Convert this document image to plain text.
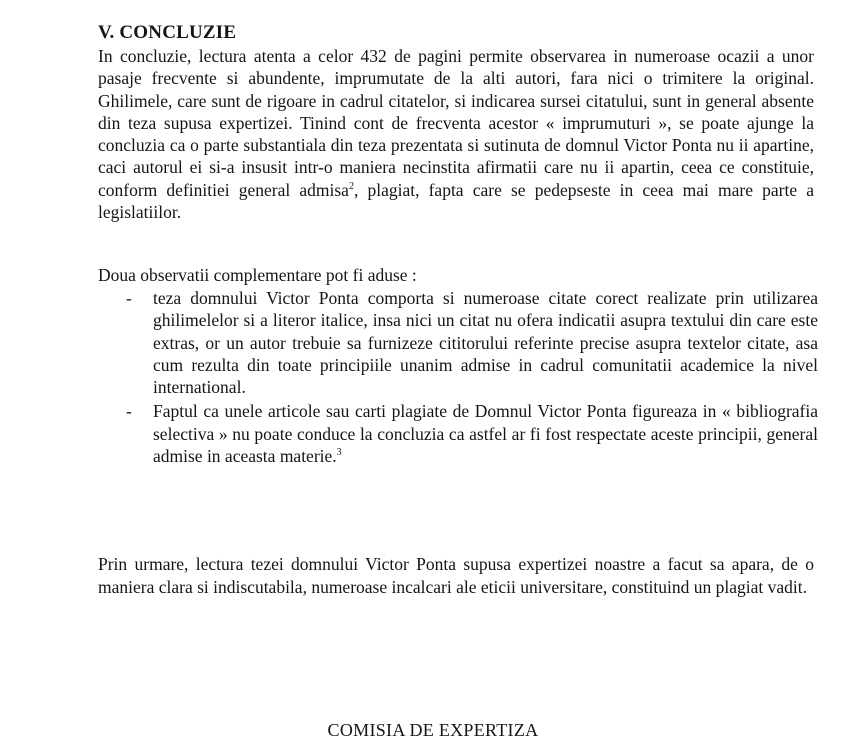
V. CONCLUZIE
In concluzie, lectura atenta a celor 432 de pagini permite observarea in numeroase ocazii a unor pasaje frecvente si abundente, imprumutate de la alti autori, fara nici o trimitere la original. Ghilimele, care sunt de rigoare in cadrul citatelor, si indicarea sursei citatului, sunt in general absente din teza supusa expertizei. Tinind cont de frecventa acestor « imprumuturi », se poate ajunge la concluzia ca o parte substantiala din teza prezentata si sutinuta de domnul Victor Ponta nu ii apartine, caci autorul ei si-a insusit intr-o maniera necinstita afirmatii care nu ii apartin, ceea ce constituie, conform definitiei general admisa$^2$, plagiat, fapta care se pedepseste in ceea mai mare parte a legislatiilor.
Doua observatii complementare pot fi aduse :
- teza domnului Victor Ponta comporta si numeroase citate corect realizate prin utilizarea ghilimelelor si a literor italice, insa nici un citat nu ofera indicatii asupra textului din care este extras, or un autor trebuie sa furnizeze cititorului referinte precise asupra textelor citate, asa cum rezulta din toate principiile unanim admise in cadrul comunitatii academice la nivel international.
- Faptul ca unele articole sau carti plagiate de Domnul Victor Ponta figureaza in « bibliografia selectiva » nu poate conduce la concluzia ca astfel ar fi fost respectate aceste principii, general admise in aceasta materie.$^3$
Prin urmare, lectura tezei domnului Victor Ponta supusa expertizei noastre a facut sa apara, de o maniera clara si indiscutabila, numeroase incalcari ale eticii universitare, constituind un plagiat vadit.
COMISIA DE EXPERTIZA
